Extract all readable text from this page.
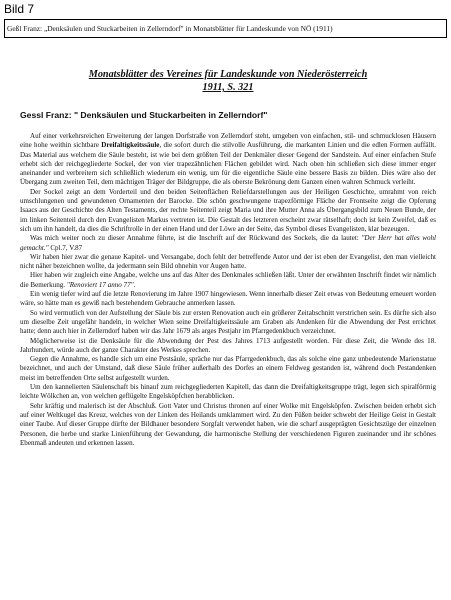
Bild 7
Geßl Franz: „Denksäulen und Stuckarbeiten in Zellerndorf" in Monatsblätter für Landeskunde von NÖ (1911)
Monatsblätter des Vereines für Landeskunde von Niederösterreich
1911, S. 321
Gessl Franz: " Denksäulen und Stuckarbeiten in Zellerndorf"

Auf einer verkehrsreichen Erweiterung der langen Dorfstraße von Zellerndorf steht, umgeben von einfachen, stil- und schmucklosen Häusern eine hohe weithin sichtbare Dreifaltigkeitssäule, die sofort durch die stilvolle Ausführung, die markanten Linien und die edlen Formen auffällt. Das Material aus welchem die Säule besteht, ist wie bei dem größten Teil der Denkmäler dieser Gegend der Sandstein. Auf einer einfachen Stufe erhebt sich der reichgegliederte Sockel, der von vier trapezähnlichen Flächen gebildet wird. Nach oben hin schließen sich diese immer enger aneinander und verbreitern sich schließlich wiederum ein wenig, um für die eigentliche Säule eine bessere Basis zu bilden. Dies wäre also der Übergang zum zweiten Teil, dem mächtigen Träger der Bildgruppe, die als oberste Bekrönung dem Ganzen einen wahren Schmuck verleiht.

Der Sockel zeigt an dem Vorderteil und den beiden Seitenflächen Reliefdarstellungen aus der Heiligen Geschichte, umrahmt von reich umschlungenen und gewundenen Ornamenten der Barocke. Die schön geschwungene trapezförmige Fläche der Frontseite zeigt die Opferung Isaacs aus der Geschichte des Alten Testaments, der rechte Seitenteil zeigt Maria und ihre Mutter Anna als Übergangsbild zum Neuen Bunde, der im linken Seitenteil durch den Evangelisten Markus vertreten ist. Die Gestalt des letzteren erscheint zwar rätselhaft; doch ist kein Zweifel, daß es sich um ihn handelt, da dies die Schriftrolle in der einen Hand und der Löwe an der Seite, das Symbol dieses Evangelisten, klar bezeugen.

Was mich weiter noch zu dieser Annahme führte, ist die Inschrift auf der Rückwand des Sockels, die da lautet: "Der Herr hat alles wohl gemacht." Cpl.7, V.87

Wir haben hier zwar die genaue Kapitel- und Versangabe, doch fehlt der betreffende Autor und der ist eben der Evangelist, den man vielleicht nicht näher bezeichnen wollte, da jedermann sein Bild ohnehin vor Augen hatte.

Hier haben wir zugleich eine Angabe, welche uns auf das Alter des Denkmales schließen läßt. Unter der erwähnten Inschrift findet wir nämlich die Bemerkung. "Renoviert 17 anno 77".

Ein wenig tiefer wird auf die letzte Renovierung im Jahre 1907 hingewiesen. Wenn innerhalb dieser Zeit etwas von Bedeutung erneuert worden wäre, so hätte man es gewiß nach bestehendem Gebrauche anmerken lassen.

So wird vermutlich von der Aufstellung der Säule bis zur ersten Renovation auch ein größerer Zeitabschnitt verstrichen sein. Es dürfte sich also um dieselbe Zeit ungefähr handeln, in welcher Wien seine Dreifaltigkeitssäule am Graben als Andenken für die Abwendung der Pest errichtet hatte; denn auch hier in Zellerndorf haben wir das Jahr 1679 als arges Pestjahr im Pfarrgedenkbuch verzeichnet.

Möglicherweise ist die Denksäule für die Abwendung der Pest des Jahres 1713 aufgestellt worden. Für diese Zeit, die Wende des 18. Jahrhundert, würde auch der ganze Charakter des Werkes sprechen.

Gegen die Annahme, es handle sich um eine Pestsäule, spräche nur das Pfarrgedenkbuch, das als solche eine ganz unbedeutende Marienstatue bezeichnet, und auch der Umstand, daß diese Säule früher außerhalb des Dorfes an einem Feldweg gestanden ist, während doch Pestandenken meist im betreffenden Orte selbst aufgestellt wurden.

Um den kannelierten Säulenschaft bis hinauf zum reichgegliederten Kapitell, das dann die Dreifaltigkeitsgruppe trägt, legen sich spiralförmig leichte Wölkchen an, von welchen geflügelte Engelsköpfchen herabblicken.

Sehr kräftig und malerisch ist der Abschluß. Gott Vater und Christus thronen auf einer Wolke mit Engelsköpfen. Zwischen beiden erhebt sich auf einer Weltkugel das Kreuz, welches von der Linken des Heilands umklammert wird. Zu den Füßen beider schwebt der Heilige Geist in Gestalt einer Taube. Auf dieser Gruppe dürfte der Bildhauer besondere Sorgfalt verwendet haben, wie die scharf ausgeprägten Gesichtszüge der einzelnen Personen, die herbe und starke Linienführung der Gewandung, die harmonische Stellung der verschiedenen Figuren zueinander und ihr schönes Ebenmaß andeuten und erkennen lassen.
